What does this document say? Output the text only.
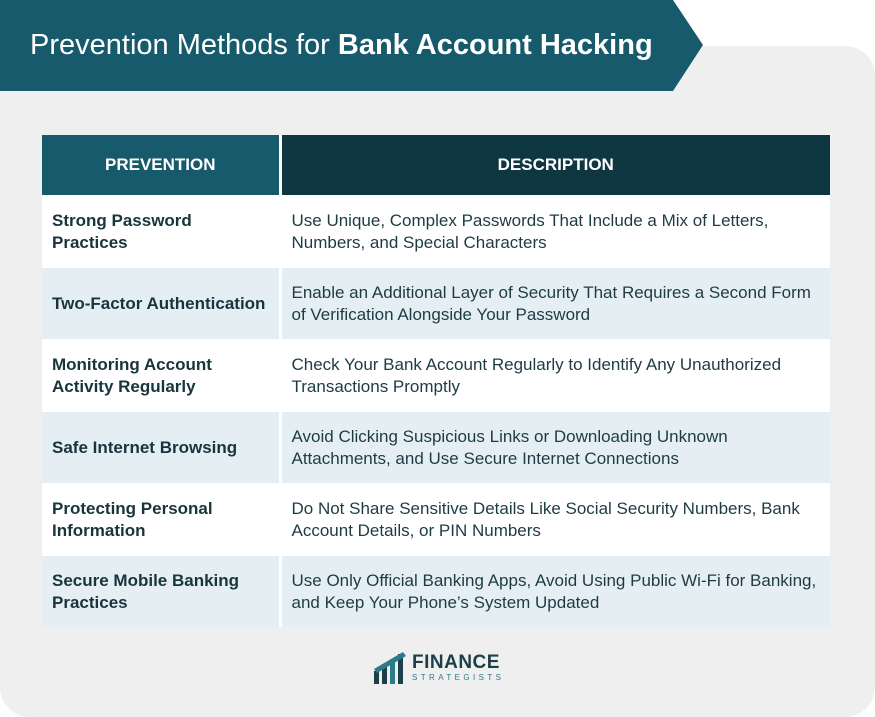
Prevention Methods for Bank Account Hacking
PREVENTION	DESCRIPTION
Strong Password Practices	Use Unique, Complex Passwords That Include a Mix of Letters, Numbers, and Special Characters
Two-Factor Authentication	Enable an Additional Layer of Security That Requires a Second Form of Verification Alongside Your Password
Monitoring Account Activity Regularly	Check Your Bank Account Regularly to Identify Any Unauthorized Transactions Promptly
Safe Internet Browsing	Avoid Clicking Suspicious Links or Downloading Unknown Attachments, and Use Secure Internet Connections
Protecting Personal Information	Do Not Share Sensitive Details Like Social Security Numbers, Bank Account Details, or PIN Numbers
Secure Mobile Banking Practices	Use Only Official Banking Apps, Avoid Using Public Wi-Fi for Banking, and Keep Your Phone’s System Updated
FINANCE
STRATEGISTS
